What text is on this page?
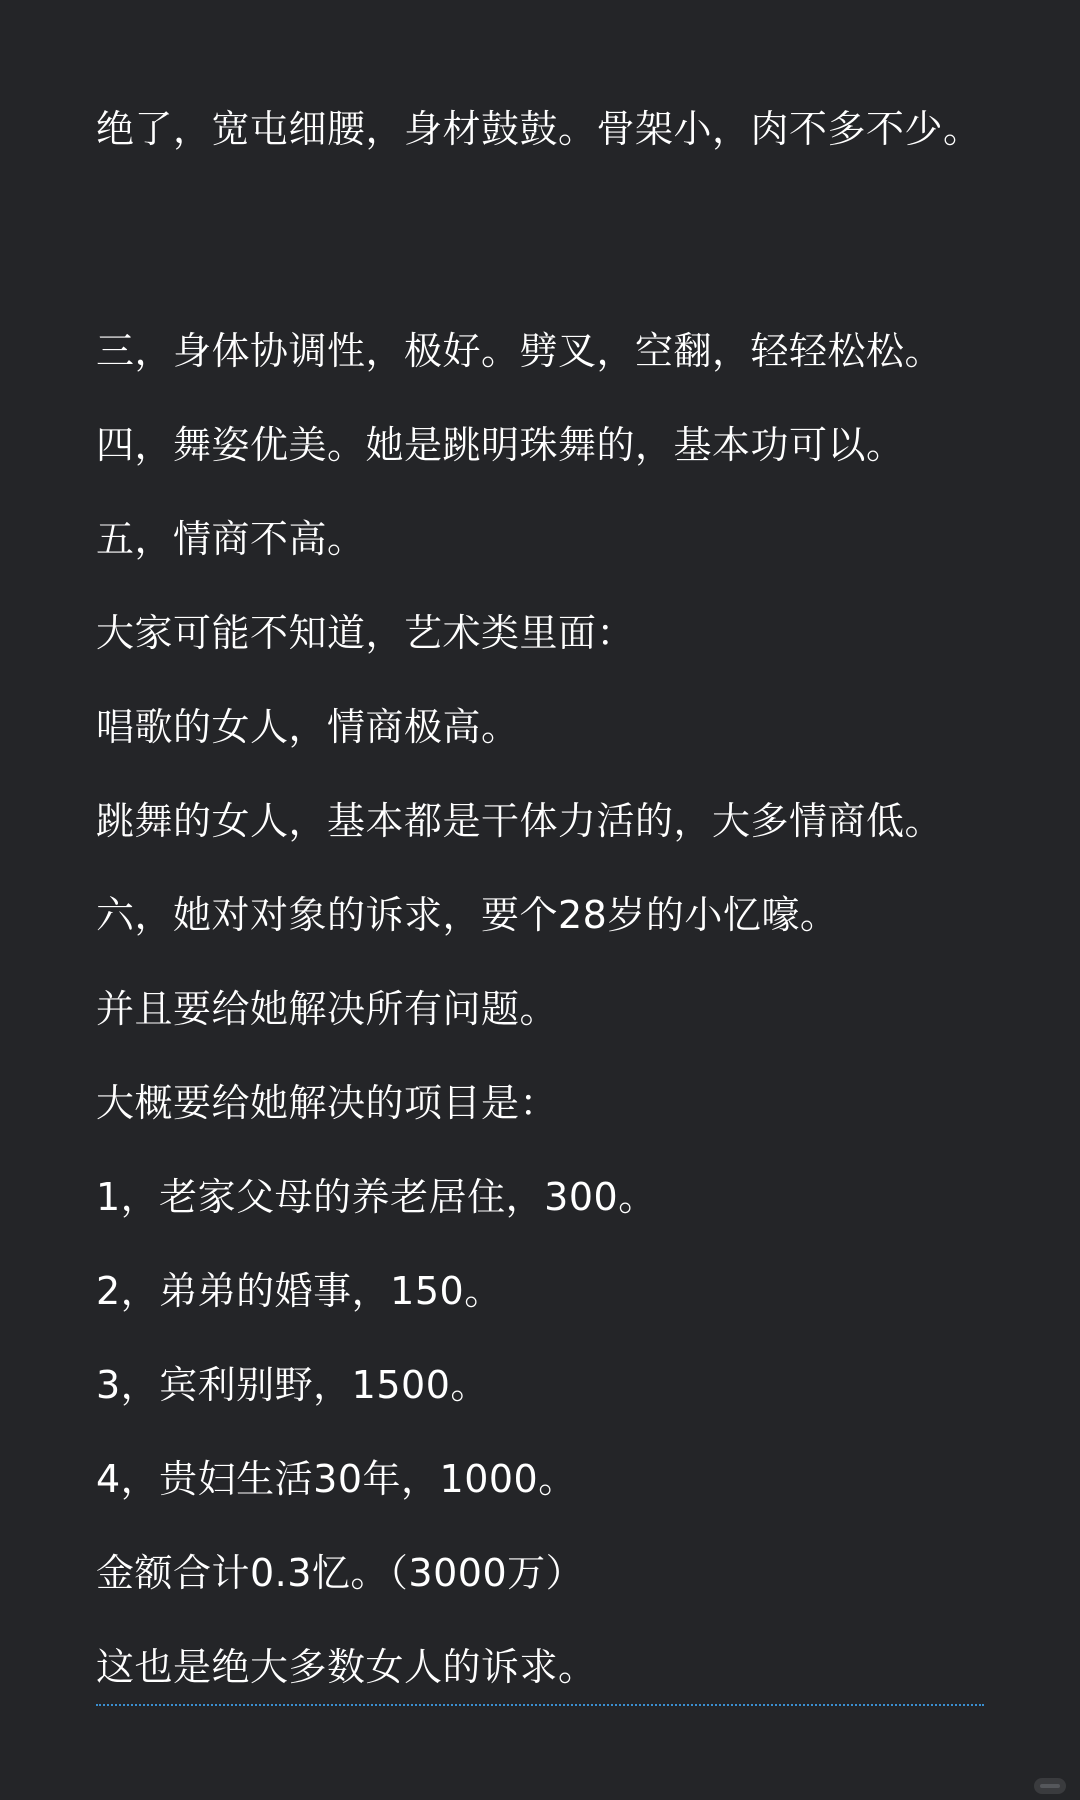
绝了，宽屯细腰，身材鼓鼓。骨架小，肉不多不少。

三，身体协调性，极好。劈叉，空翻，轻轻松松。

四，舞姿优美。她是跳明珠舞的，基本功可以。

五，情商不高。

大家可能不知道，艺术类里面：

唱歌的女人，情商极高。

跳舞的女人，基本都是干体力活的，大多情商低。

六，她对对象的诉求，要个28岁的小忆嚎。

并且要给她解决所有问题。

大概要给她解决的项目是：

1，老家父母的养老居住，300。

2，弟弟的婚事，150。

3，宾利别野，1500。

4，贵妇生活30年，1000。

金额合计0.3忆。（3000万）

这也是绝大多数女人的诉求。
